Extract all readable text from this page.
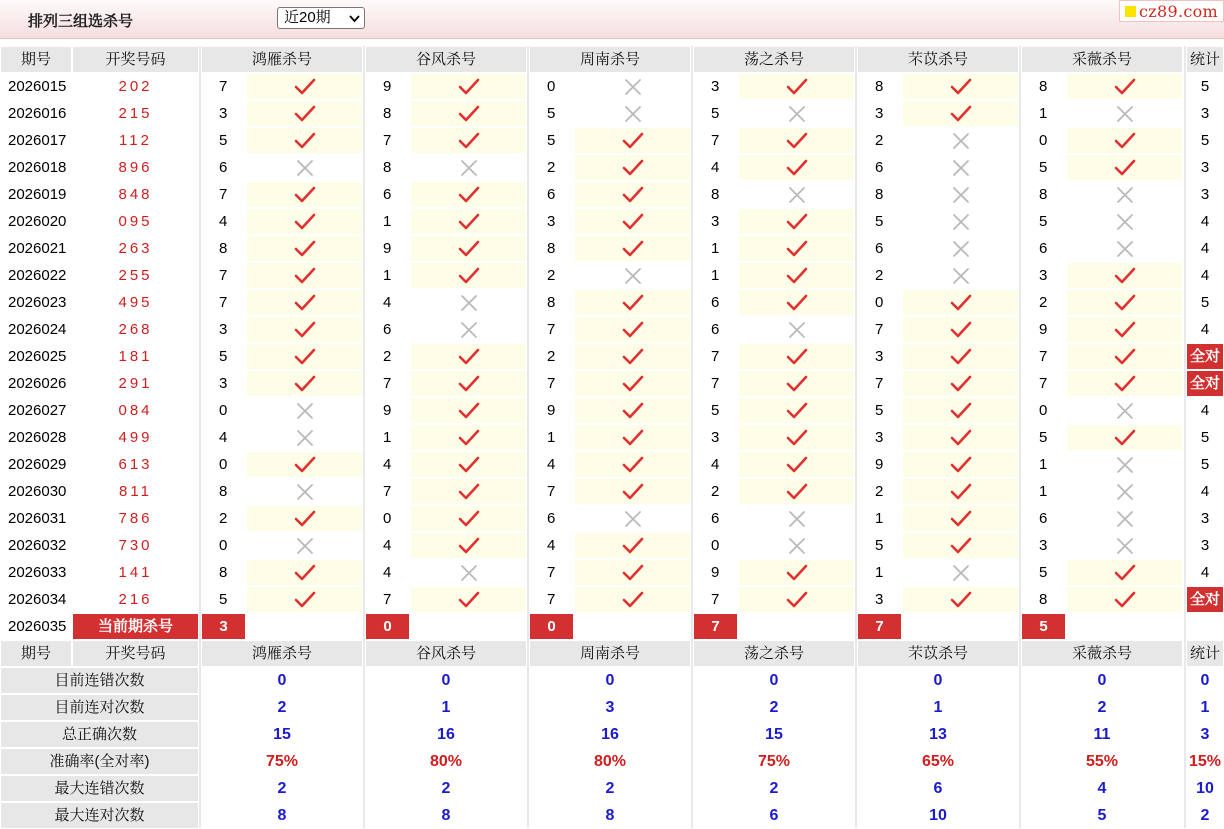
排列三组选杀号	近20期	cz89.com
期号	开奖号码	鸿雁杀号	谷风杀号	周南杀号	荡之杀号	芣苡杀号	采薇杀号	统计
2026015	202	7	9	0	3	8	8	5
2026016	215	3	8	5	5	3	1	3
2026017	112	5	7	5	7	2	0	5
2026018	896	6	8	2	4	6	5	3
2026019	848	7	6	6	8	8	8	3
2026020	095	4	1	3	3	5	5	4
2026021	263	8	9	8	1	6	6	4
2026022	255	7	1	2	1	2	3	4
2026023	495	7	4	8	6	0	2	5
2026024	268	3	6	7	6	7	9	4
2026025	181	5	2	2	7	3	7	全对
2026026	291	3	7	7	7	7	7	全对
2026027	084	0	9	9	5	5	0	4
2026028	499	4	1	1	3	3	5	5
2026029	613	0	4	4	4	9	1	5
2026030	811	8	7	7	2	2	1	4
2026031	786	2	0	6	6	1	6	3
2026032	730	0	4	4	0	5	3	3
2026033	141	8	4	7	9	1	5	4
2026034	216	5	7	7	7	3	8	全对
2026035	当前期杀号	3	0	0	7	7	5
期号	开奖号码	鸿雁杀号	谷风杀号	周南杀号	荡之杀号	芣苡杀号	采薇杀号	统计
目前连错次数	0	0	0	0	0	0	0
目前连对次数	2	1	3	2	1	2	1
总正确次数	15	16	16	15	13	11	3
准确率(全对率)	75%	80%	80%	75%	65%	55%	15%
最大连错次数	2	2	2	2	6	4	10
最大连对次数	8	8	8	6	10	5	2
